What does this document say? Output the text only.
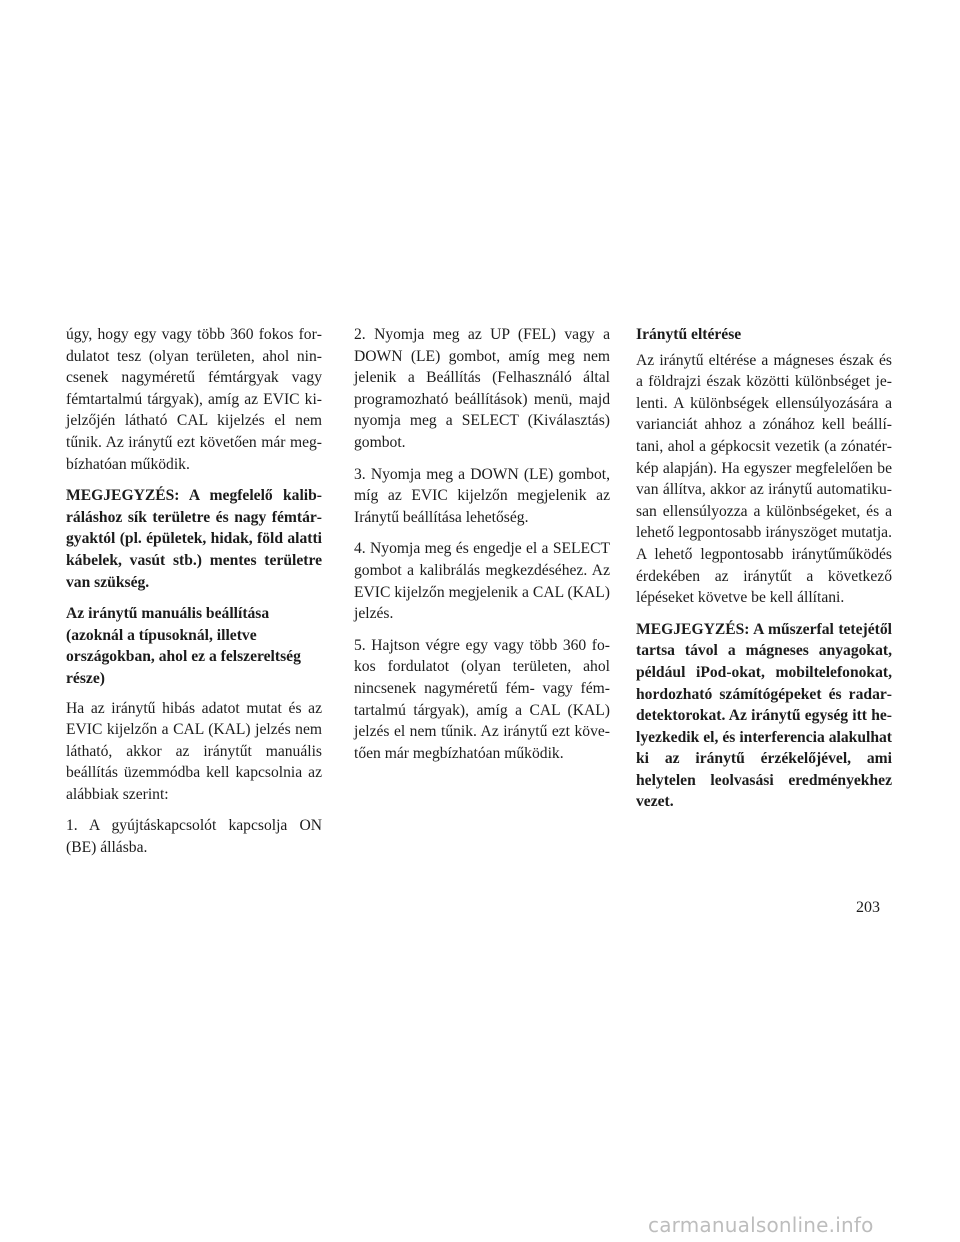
úgy, hogy egy vagy több 360 fokos fordulatot tesz (olyan területen, ahol nincsenek nagyméretű fémtárgyak vagy fémtartalmú tárgyak), amíg az EVIC kijelzőjén látható CAL kijelzés el nem tűnik. Az iránytű ezt követően már megbízhatóan működik.

MEGJEGYZÉS: A megfelelő kalibráláshoz sík területre és nagy fémtárgyaktól (pl. épületek, hidak, föld alatti kábelek, vasút stb.) mentes területre van szükség.

Az iránytű manuális beállítása (azoknál a típusoknál, illetve országokban, ahol ez a felszereltség része)

Ha az iránytű hibás adatot mutat és az EVIC kijelzőn a CAL (KAL) jelzés nem látható, akkor az iránytűt manuális beállítás üzemmódba kell kapcsolnia az alábbiak szerint:

1. A gyújtáskapcsolót kapcsolja ON (BE) állásba.

2. Nyomja meg az UP (FEL) vagy a DOWN (LE) gombot, amíg meg nem jelenik a Beállítás (Felhasználó által programozható beállítások) menü, majd nyomja meg a SELECT (Kiválasztás) gombot.

3. Nyomja meg a DOWN (LE) gombot, míg az EVIC kijelzőn megjelenik az Iránytű beállítása lehetőség.

4. Nyomja meg és engedje el a SELECT gombot a kalibrálás megkezdéséhez. Az EVIC kijelzőn megjelenik a CAL (KAL) jelzés.

5. Hajtson végre egy vagy több 360 fokos fordulatot (olyan területen, ahol nincsenek nagyméretű fém- vagy fémtartalmú tárgyak), amíg a CAL (KAL) jelzés el nem tűnik. Az iránytű ezt követően már megbízhatóan működik.

Iránytű eltérése

Az iránytű eltérése a mágneses észak és a földrajzi észak közötti különbséget jelenti. A különbségek ellensúlyozására a varianciát ahhoz a zónához kell beállítani, ahol a gépkocsit vezetik (a zónatérkép alapján). Ha egyszer megfelelően be van állítva, akkor az iránytű automatikusan ellensúlyozza a különbségeket, és a lehető legpontosabb irányszöget mutatja. A lehető legpontosabb iránytűműködés érdekében az iránytűt a következő lépéseket követve be kell állítani.

MEGJEGYZÉS: A műszerfal tetejétől tartsa távol a mágneses anyagokat, például iPod-okat, mobiltelefonokat, hordozható számítógépeket és radardetektorokat. Az iránytű egység itt helyezkedik el, és interferencia alakulhat ki az iránytű érzékelőjével, ami helytelen leolvasási eredményekhez vezet.

203
carmanualsonline.info
